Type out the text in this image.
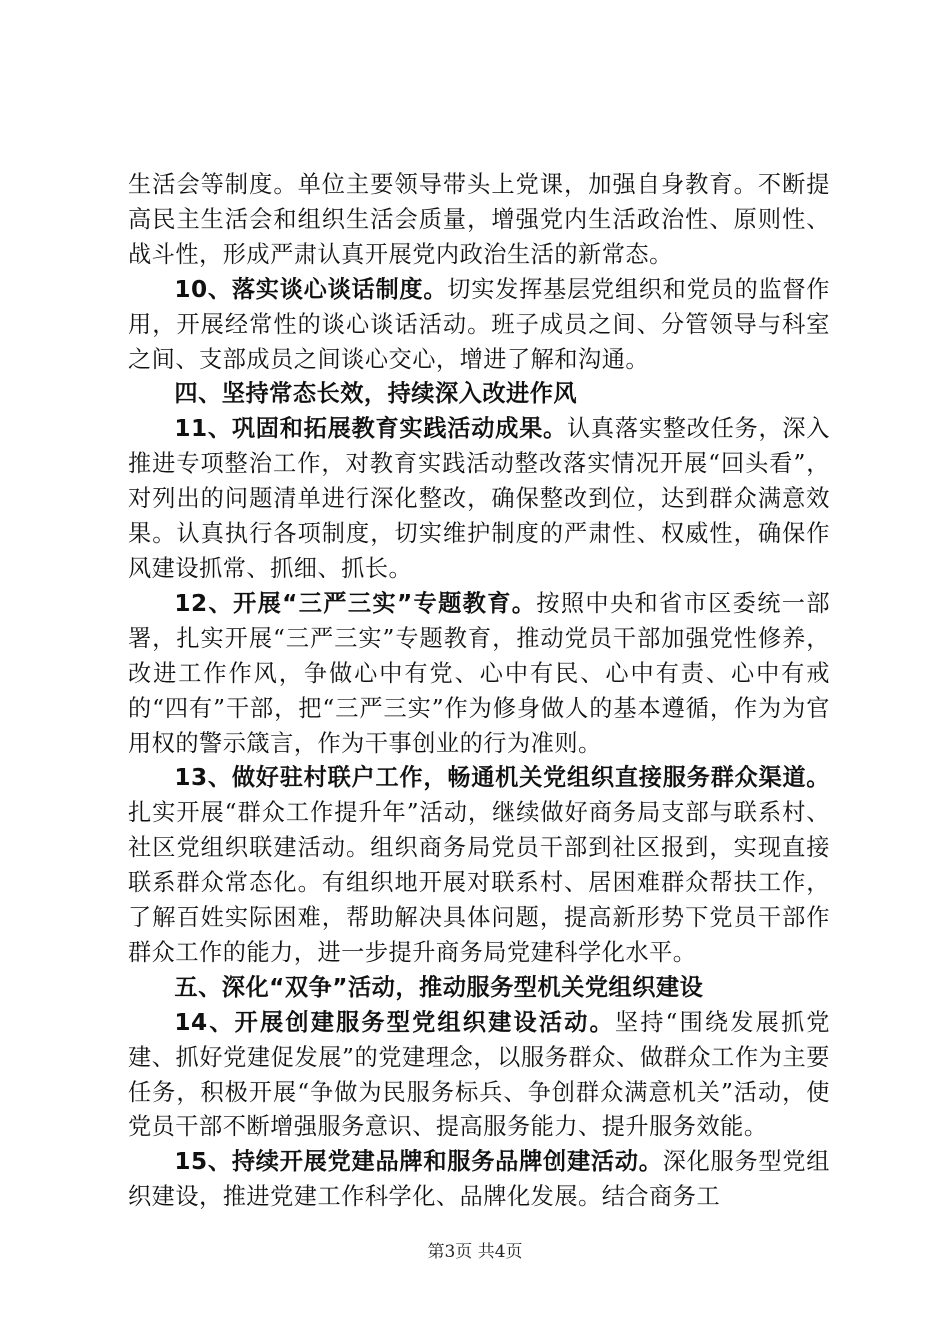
生活会等制度。单位主要领导带头上党课，加强自身教育。不断提高民主生活会和组织生活会质量，增强党内生活政治性、原则性、战斗性，形成严肃认真开展党内政治生活的新常态。

10、落实谈心谈话制度。切实发挥基层党组织和党员的监督作用，开展经常性的谈心谈话活动。班子成员之间、分管领导与科室之间、支部成员之间谈心交心，增进了解和沟通。

四、坚持常态长效，持续深入改进作风

11、巩固和拓展教育实践活动成果。认真落实整改任务，深入推进专项整治工作，对教育实践活动整改落实情况开展“回头看”，对列出的问题清单进行深化整改，确保整改到位，达到群众满意效果。认真执行各项制度，切实维护制度的严肃性、权威性，确保作风建设抓常、抓细、抓长。

12、开展“三严三实”专题教育。按照中央和省市区委统一部署，扎实开展“三严三实”专题教育，推动党员干部加强党性修养，改进工作作风，争做心中有党、心中有民、心中有责、心中有戒的“四有”干部，把“三严三实”作为修身做人的基本遵循，作为为官用权的警示箴言，作为干事创业的行为准则。

13、做好驻村联户工作，畅通机关党组织直接服务群众渠道。扎实开展“群众工作提升年”活动，继续做好商务局支部与联系村、社区党组织联建活动。组织商务局党员干部到社区报到，实现直接联系群众常态化。有组织地开展对联系村、居困难群众帮扶工作，了解百姓实际困难，帮助解决具体问题，提高新形势下党员干部作群众工作的能力，进一步提升商务局党建科学化水平。

五、深化“双争”活动，推动服务型机关党组织建设

14、开展创建服务型党组织建设活动。坚持“围绕发展抓党建、抓好党建促发展”的党建理念，以服务群众、做群众工作为主要任务，积极开展“争做为民服务标兵、争创群众满意机关”活动，使党员干部不断增强服务意识、提高服务能力、提升服务效能。

15、持续开展党建品牌和服务品牌创建活动。深化服务型党组织建设，推进党建工作科学化、品牌化发展。结合商务工

第3页 共4页
